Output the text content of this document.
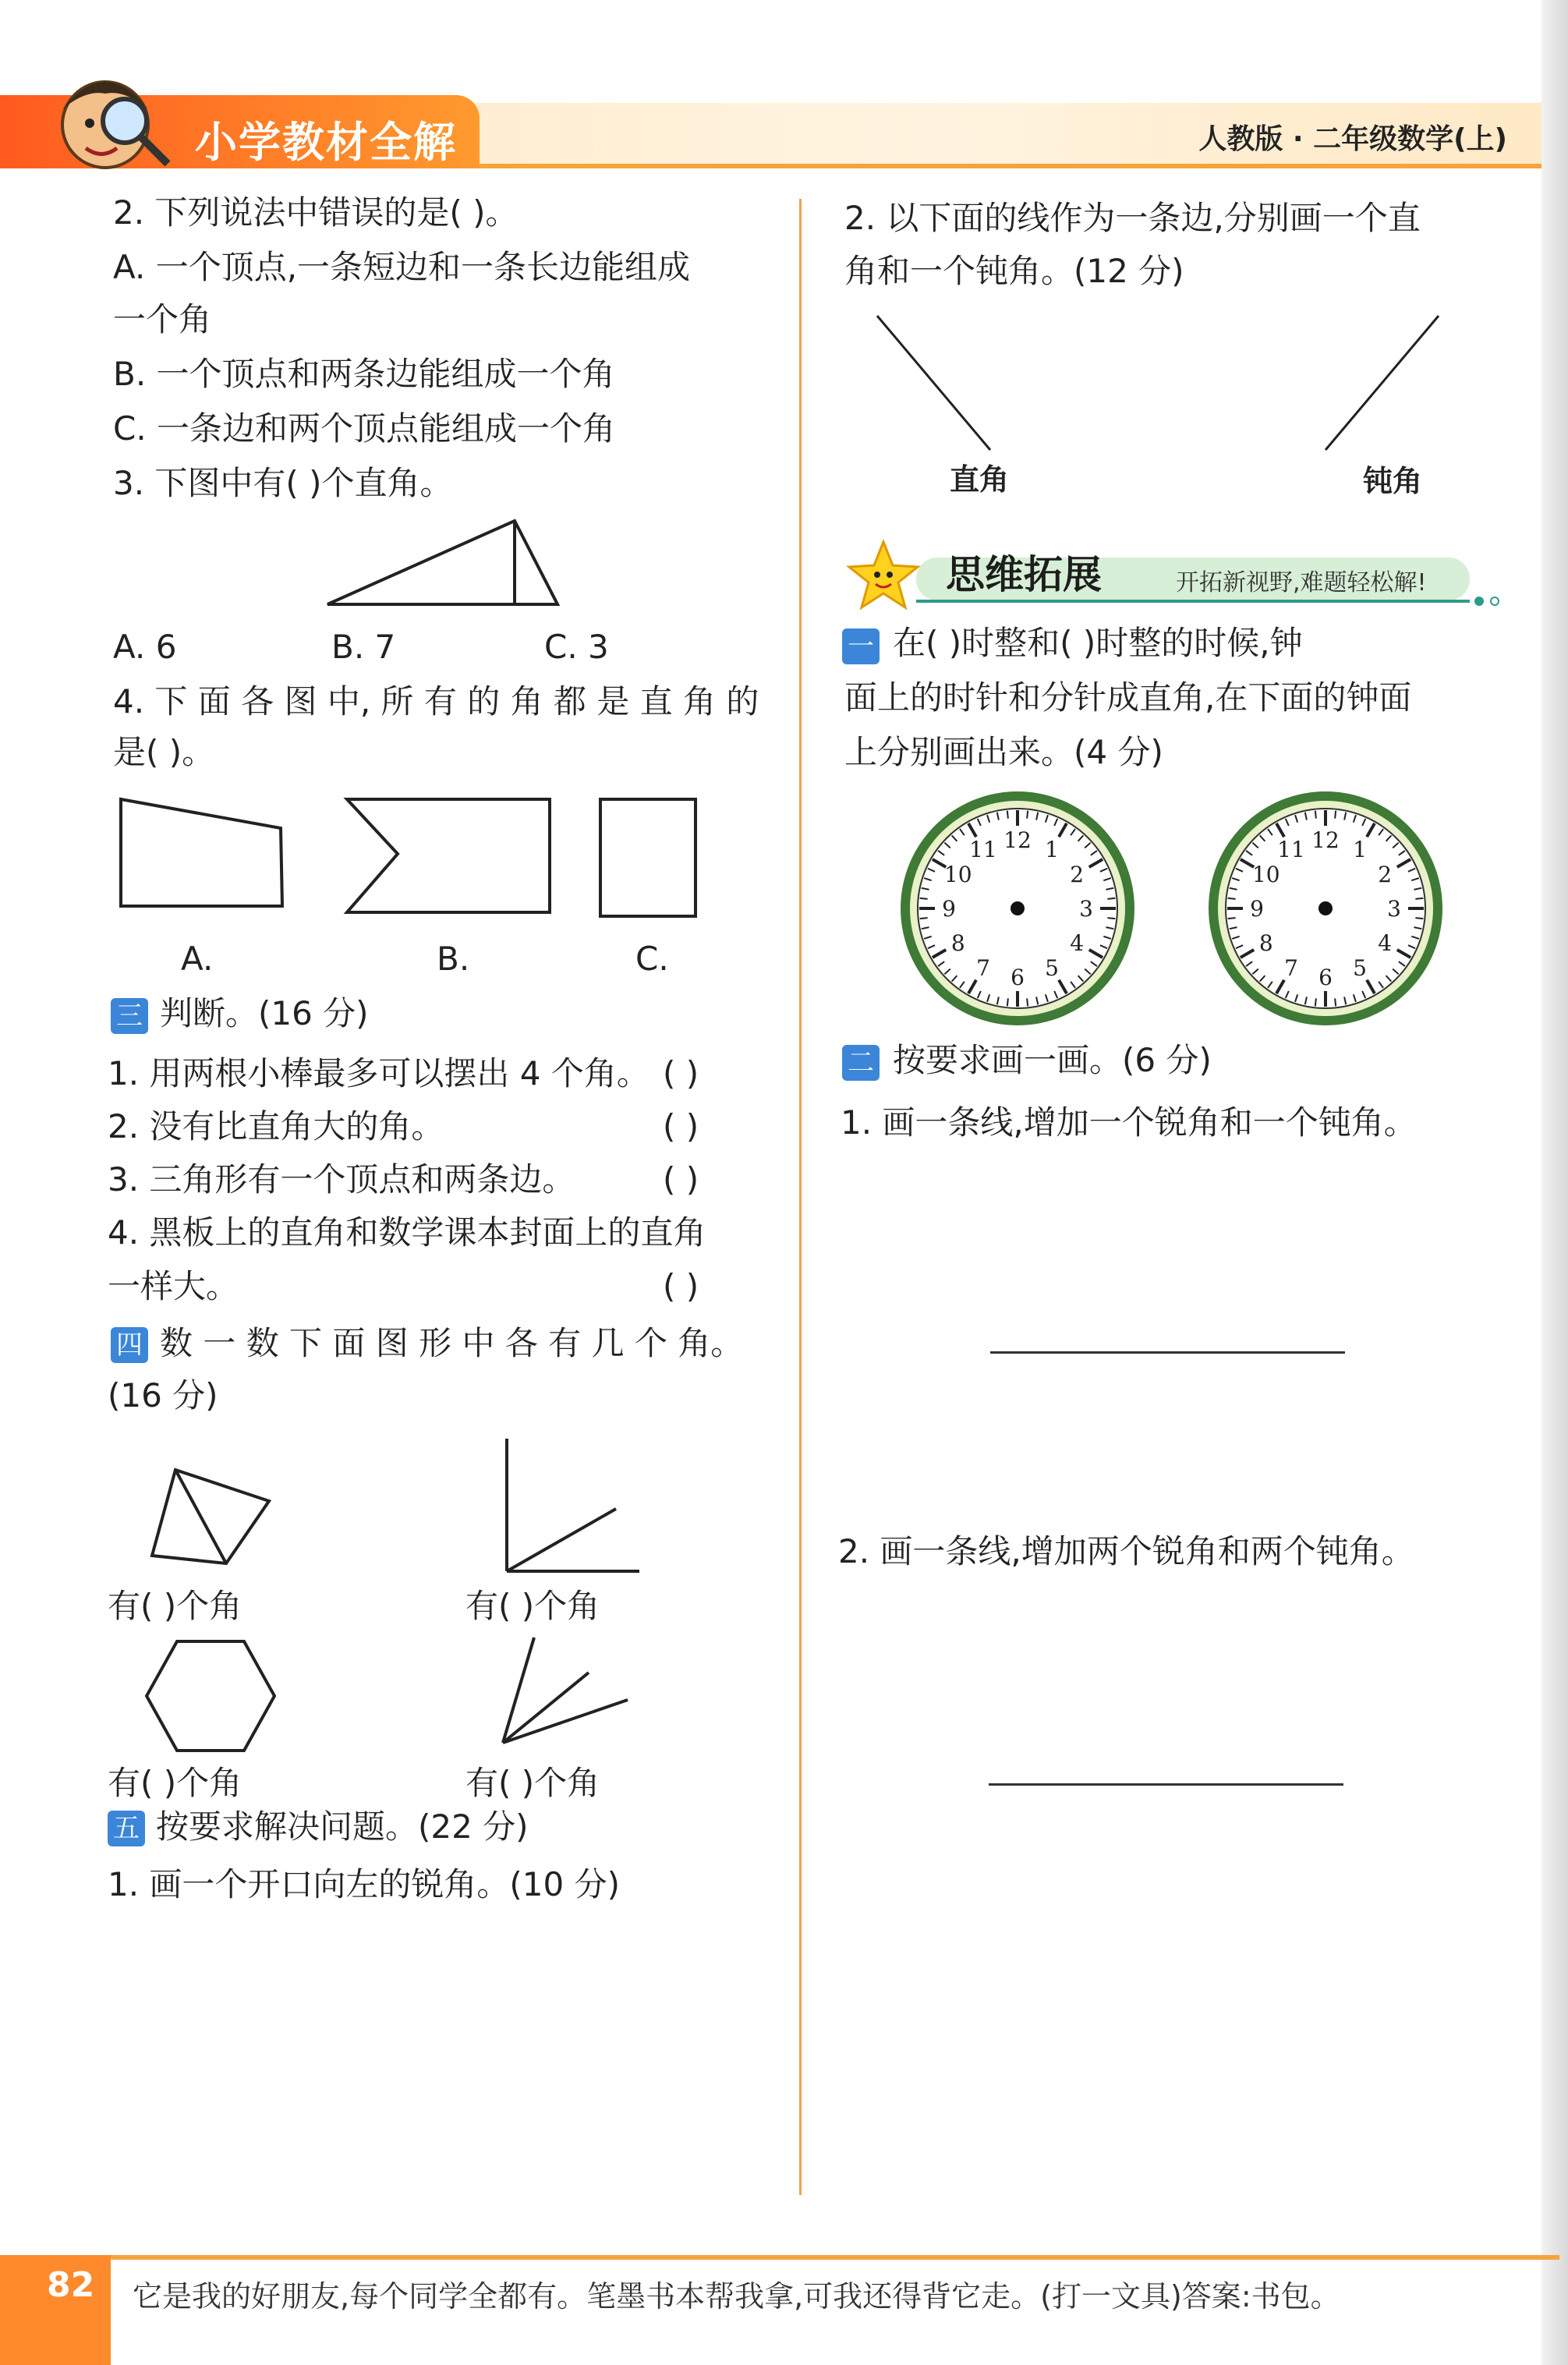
小学教材全解	人教版 · 二年级数学(上)
2. 下列说法中错误的是( )。
A. 一个顶点,一条短边和一条长边能组成
一个角
B. 一个顶点和两条边能组成一个角
C. 一条边和两个顶点能组成一个角
3. 下图中有( )个直角。
A. 6	B. 7	C. 3
4. 下 面 各 图 中, 所 有 的 角 都 是 直 角 的
是( )。
A.	B.	C.
三 判断。(16 分)
1. 用两根小棒最多可以摆出 4 个角。 ( )
2. 没有比直角大的角。	( )
3. 三角形有一个顶点和两条边。	( )
4. 黑板上的直角和数学课本封面上的直角
一样大。	( )
四 数 一 数 下 面 图 形 中 各 有 几 个 角。
(16 分)
有( )个角	有( )个角
有( )个角	有( )个角
五 按要求解决问题。(22 分)
1. 画一个开口向左的锐角。(10 分)
2. 以下面的线作为一条边,分别画一个直
角和一个钝角。(12 分)
直角	钝角
思维拓展	开拓新视野,难题轻松解!
一 在( )时整和( )时整的时候,钟
面上的时针和分针成直角,在下面的钟面
上分别画出来。(4 分)
12 1
2
3
4
5
6
7
8
9
10
11	12 1
2
3
4
5
6
7
8
9
10
11
二 按要求画一画。(6 分)
1. 画一条线,增加一个锐角和一个钝角。
2. 画一条线,增加两个锐角和两个钝角。
82 它是我的好朋友,每个同学全都有。笔墨书本帮我拿,可我还得背它走。(打一文具)答案:书包。
